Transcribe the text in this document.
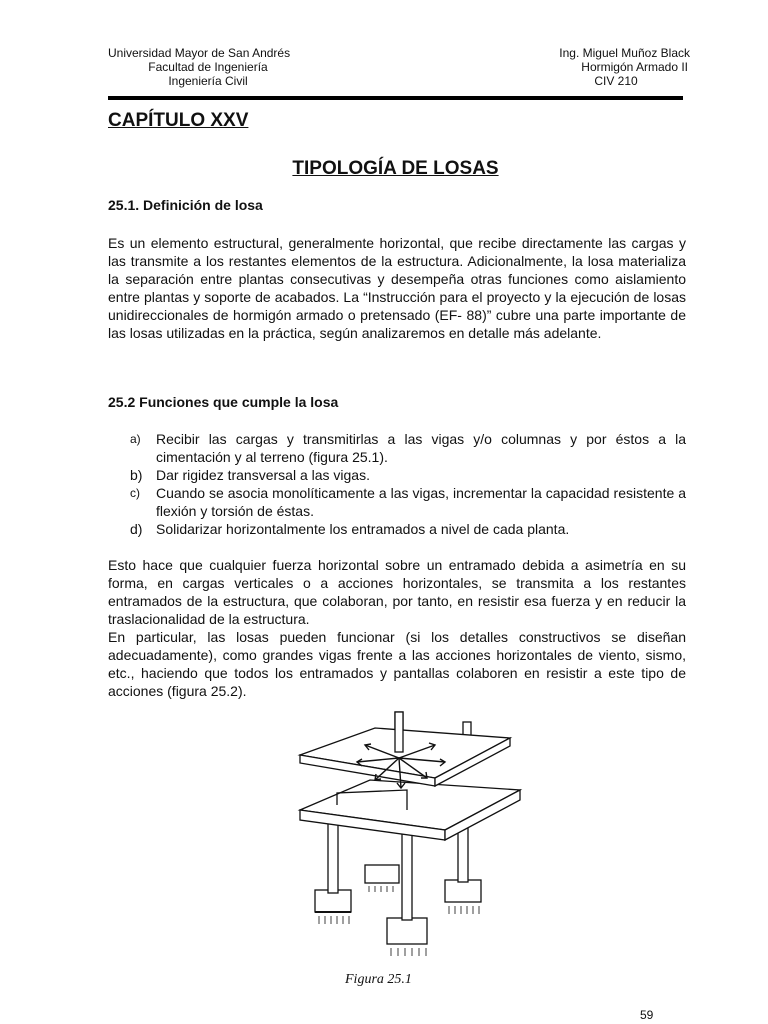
Universidad Mayor de San Andrés
Facultad de Ingeniería
Ingeniería Civil
Ing. Miguel Muñoz Black
Hormigón Armado II
CIV 210
CAPÍTULO XXV
TIPOLOGÍA DE LOSAS
25.1. Definición de losa
Es un elemento estructural, generalmente horizontal, que recibe directamente las cargas y las transmite a los restantes elementos de la estructura. Adicionalmente, la losa materializa la separación entre plantas consecutivas y desempeña otras funciones como aislamiento entre plantas y soporte de acabados. La “Instrucción para el proyecto y la ejecución de losas unidireccionales de hormigón armado o pretensado (EF- 88)” cubre una parte importante de las losas utilizadas en la práctica, según analizaremos en detalle más adelante.
25.2 Funciones que cumple la losa
a) Recibir las cargas y transmitirlas a las vigas y/o columnas y por éstos a la cimentación y al terreno (figura 25.1).
b) Dar rigidez transversal a las vigas.
c) Cuando se asocia monolíticamente a las vigas, incrementar la capacidad resistente a flexión y torsión de éstas.
d) Solidarizar horizontalmente los entramados a nivel de cada planta.
Esto hace que cualquier fuerza horizontal sobre un entramado debida a asimetría en su forma, en cargas verticales o a acciones horizontales, se transmita a los restantes entramados de la estructura, que colaboran, por tanto, en resistir esa fuerza y en reducir la traslacionalidad de la estructura.
En particular, las losas pueden funcionar (si los detalles constructivos se diseñan adecuadamente), como grandes vigas frente a las acciones horizontales de viento, sismo, etc., haciendo que todos los entramados y pantallas colaboren en resistir a este tipo de acciones (figura 25.2).
Figura 25.1
59
